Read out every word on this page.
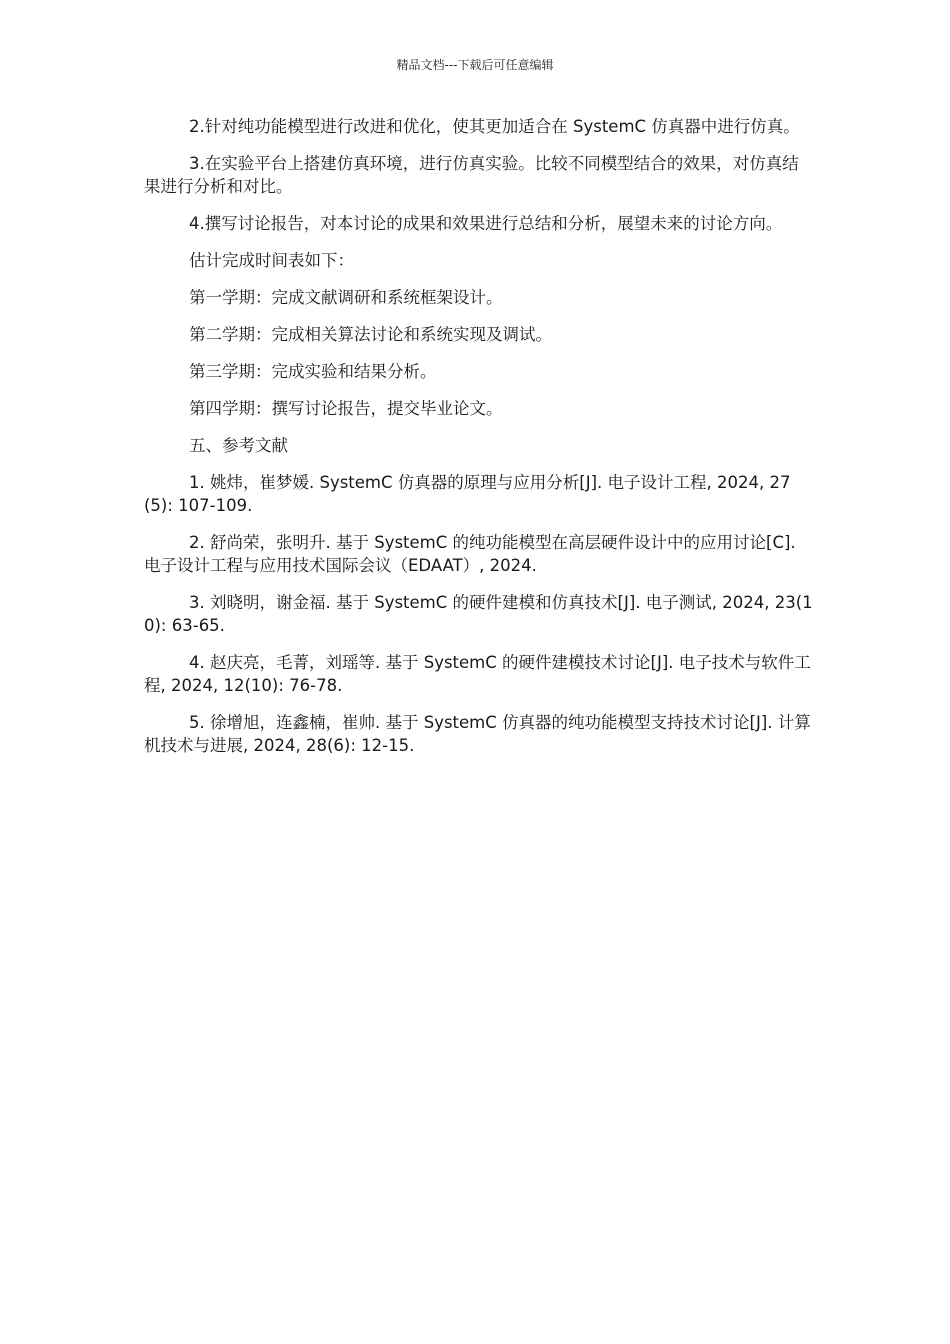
精品文档---下载后可任意编辑

2.针对纯功能模型进行改进和优化，使其更加适合在 SystemC 仿真器中进行仿真。

3.在实验平台上搭建仿真环境，进行仿真实验。比较不同模型结合的效果，对仿真结果进行分析和对比。

4.撰写讨论报告，对本讨论的成果和效果进行总结和分析，展望未来的讨论方向。

估计完成时间表如下：

第一学期：完成文献调研和系统框架设计。

第二学期：完成相关算法讨论和系统实现及调试。

第三学期：完成实验和结果分析。

第四学期：撰写讨论报告，提交毕业论文。

五、参考文献

1. 姚炜，崔梦媛. SystemC 仿真器的原理与应用分析[J]. 电子设计工程, 2024, 27(5): 107-109.

2. 舒尚荣，张明升. 基于 SystemC 的纯功能模型在高层硬件设计中的应用讨论[C]. 电子设计工程与应用技术国际会议（EDAAT）, 2024.

3. 刘晓明，谢金福. 基于 SystemC 的硬件建模和仿真技术[J]. 电子测试, 2024, 23(10): 63-65.

4. 赵庆亮，毛菁，刘瑶等. 基于 SystemC 的硬件建模技术讨论[J]. 电子技术与软件工程, 2024, 12(10): 76-78.

5. 徐增旭，连鑫楠，崔帅. 基于 SystemC 仿真器的纯功能模型支持技术讨论[J]. 计算机技术与进展, 2024, 28(6): 12-15.
